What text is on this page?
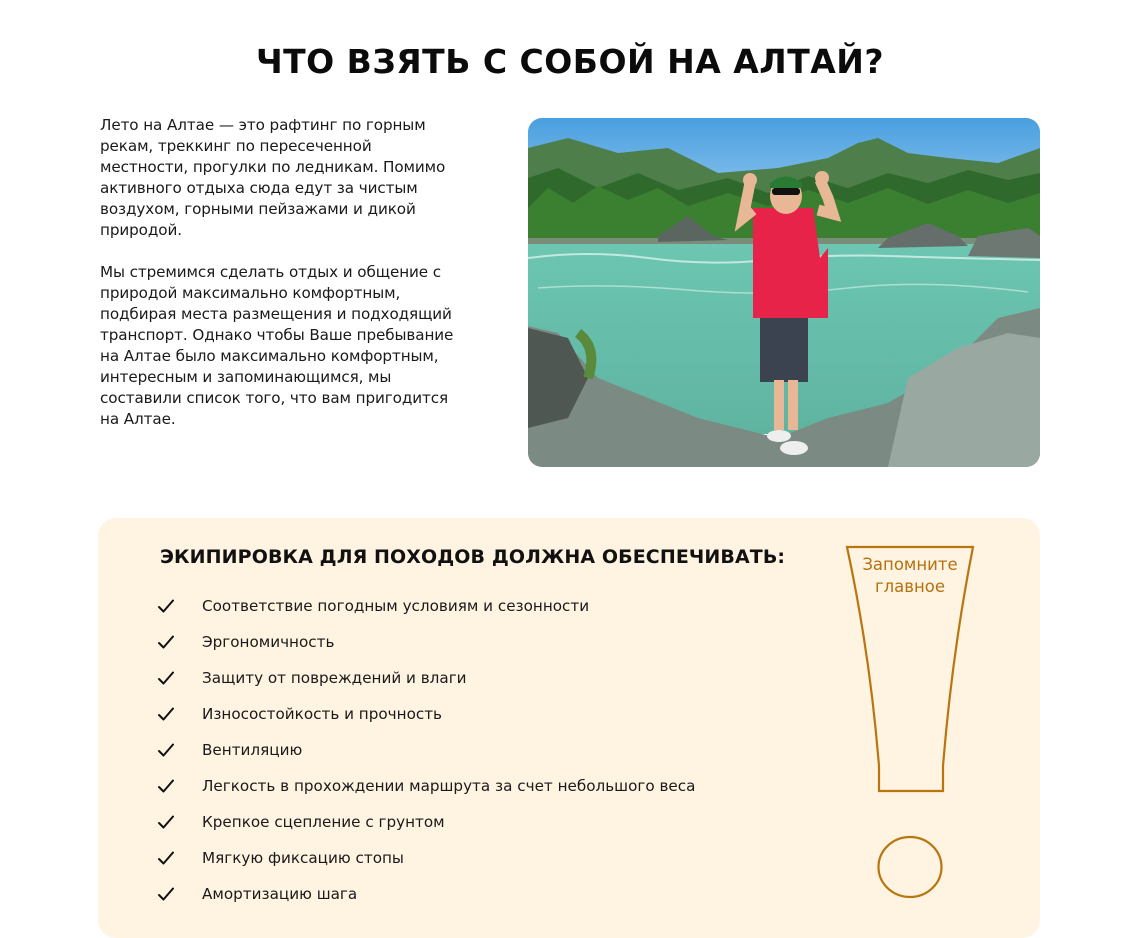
ЧТО ВЗЯТЬ С СОБОЙ НА АЛТАЙ?

Лето на Алтае — это рафтинг по горным рекам, треккинг по пересеченной местности, прогулки по ледникам. Помимо активного отдыха сюда едут за чистым воздухом, горными пейзажами и дикой природой.

Мы стремимся сделать отдых и общение с природой максимально комфортным, подбирая места размещения и подходящий транспорт. Однако чтобы Ваше пребывание на Алтае было максимально комфортным, интересным и запоминающимся, мы составили список того, что вам пригодится на Алтае.

ЭКИПИРОВКА ДЛЯ ПОХОДОВ ДОЛЖНА ОБЕСПЕЧИВАТЬ:
Соответствие погодным условиям и сезонности
Эргономичность
Защиту от повреждений и влаги
Износостойкость и прочность
Вентиляцию
Легкость в прохождении маршрута за счет небольшого веса
Крепкое сцепление с грунтом
Мягкую фиксацию стопы
Амортизацию шага
Запомните
главное
